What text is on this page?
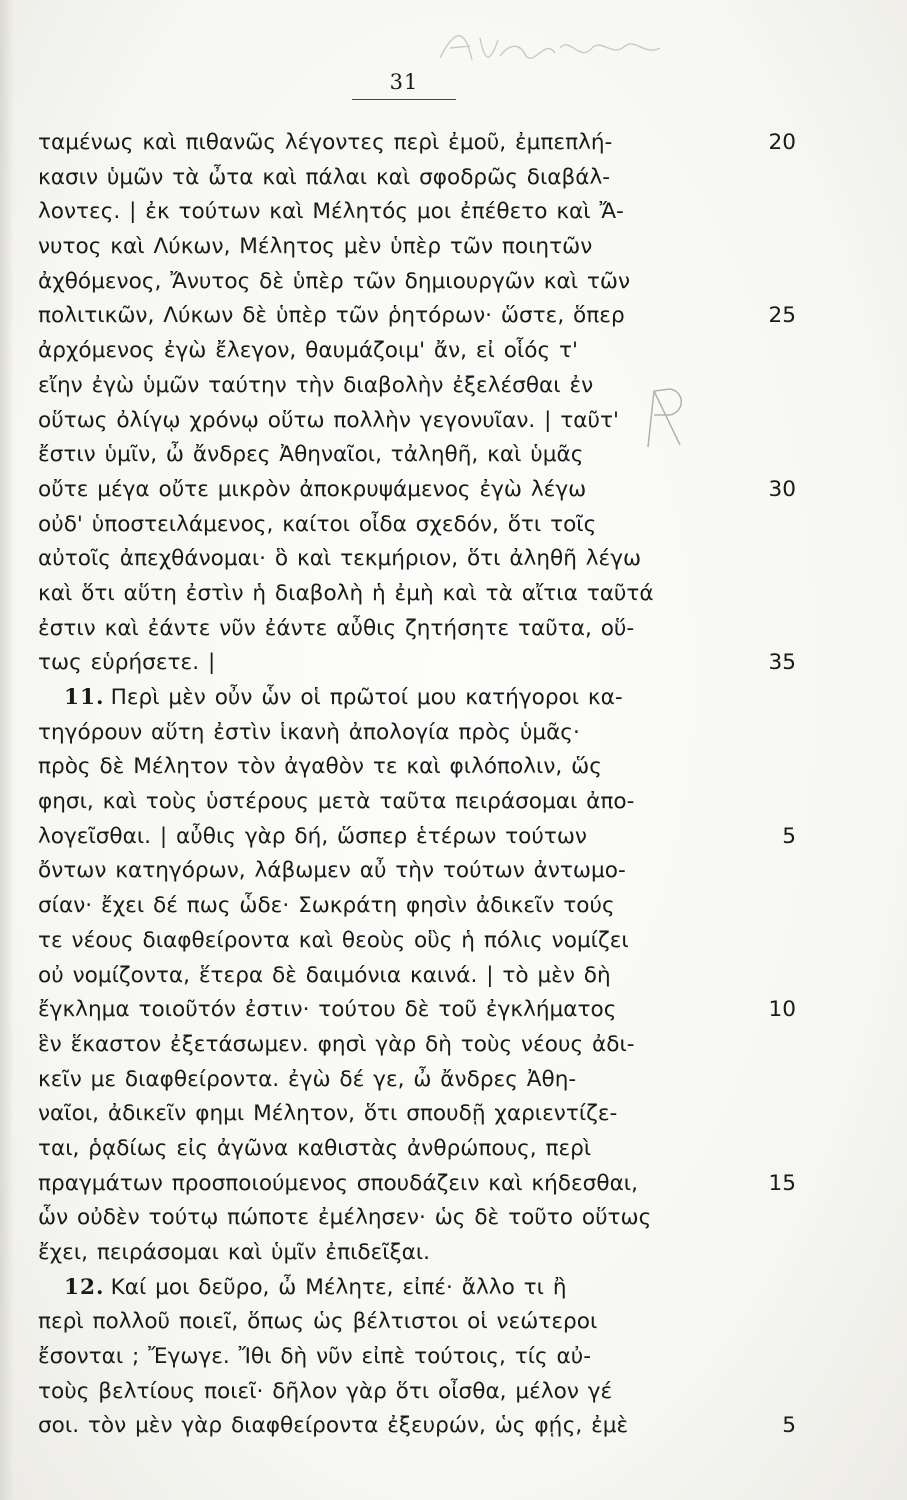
31
ταμένως καὶ πιθανῶς λέγοντες περὶ ἐμοῦ, ἐμπεπλή-	20
κασιν ὑμῶν τὰ ὦτα καὶ πάλαι καὶ σφοδρῶς διαβάλ-
λοντες. | ἐκ τούτων καὶ Μέλητός μοι ἐπέθετο καὶ Ἄ-
νυτος καὶ Λύκων, Μέλητος μὲν ὑπὲρ τῶν ποιητῶν
ἀχθόμενος, Ἄνυτος δὲ ὑπὲρ τῶν δημιουργῶν καὶ τῶν
πολιτικῶν, Λύκων δὲ ὑπὲρ τῶν ῥητόρων· ὥστε, ὅπερ	25
ἀρχόμενος ἐγὼ ἔλεγον, θαυμάζοιμ' ἄν, εἰ οἷός τ'
εἴην ἐγὼ ὑμῶν ταύτην τὴν διαβολὴν ἐξελέσθαι ἐν
οὕτως ὀλίγῳ χρόνῳ οὕτω πολλὴν γεγονυῖαν. | ταῦτ'
ἔστιν ὑμῖν, ὦ ἄνδρες Ἀθηναῖοι, τἀληθῆ, καὶ ὑμᾶς
οὔτε μέγα οὔτε μικρὸν ἀποκρυψάμενος ἐγὼ λέγω	30
οὐδ' ὑποστειλάμενος, καίτοι οἶδα σχεδόν, ὅτι τοῖς
αὐτοῖς ἀπεχθάνομαι· ὃ καὶ τεκμήριον, ὅτι ἀληθῆ λέγω
καὶ ὅτι αὕτη ἐστὶν ἡ διαβολὴ ἡ ἐμὴ καὶ τὰ αἴτια ταῦτά
ἐστιν καὶ ἐάντε νῦν ἐάντε αὖθις ζητήσητε ταῦτα, οὕ-
τως εὑρήσετε. |	35
11. Περὶ μὲν οὖν ὧν οἱ πρῶτοί μου κατήγοροι κα-
τηγόρουν αὕτη ἐστὶν ἱκανὴ ἀπολογία πρὸς ὑμᾶς·
πρὸς δὲ Μέλητον τὸν ἀγαθὸν τε καὶ φιλόπολιν, ὥς
φησι, καὶ τοὺς ὑστέρους μετὰ ταῦτα πειράσομαι ἀπο-
λογεῖσθαι. | αὖθις γὰρ δή, ὥσπερ ἑτέρων τούτων	5
ὄντων κατηγόρων, λάβωμεν αὖ τὴν τούτων ἀντωμο-
σίαν· ἔχει δέ πως ὧδε· Σωκράτη φησὶν ἀδικεῖν τούς
τε νέους διαφθείροντα καὶ θεοὺς οὓς ἡ πόλις νομίζει
οὐ νομίζοντα, ἕτερα δὲ δαιμόνια καινά. | τὸ μὲν δὴ
ἔγκλημα τοιοῦτόν ἐστιν· τούτου δὲ τοῦ ἐγκλήματος	10
ἓν ἕκαστον ἐξετάσωμεν. φησὶ γὰρ δὴ τοὺς νέους ἀδι-
κεῖν με διαφθείροντα. ἐγὼ δέ γε, ὦ ἄνδρες Ἀθη-
ναῖοι, ἀδικεῖν φημι Μέλητον, ὅτι σπουδῇ χαριεντίζε-
ται, ῥᾳδίως εἰς ἀγῶνα καθιστὰς ἀνθρώπους, περὶ
πραγμάτων προσποιούμενος σπουδάζειν καὶ κήδεσθαι,	15
ὧν οὐδὲν τούτῳ πώποτε ἐμέλησεν· ὡς δὲ τοῦτο οὕτως
ἔχει, πειράσομαι καὶ ὑμῖν ἐπιδεῖξαι.
12. Καί μοι δεῦρο, ὦ Μέλητε, εἰπέ· ἄλλο τι ἢ
περὶ πολλοῦ ποιεῖ, ὅπως ὡς βέλτιστοι οἱ νεώτεροι
ἔσονται ; Ἔγωγε. Ἴθι δὴ νῦν εἰπὲ τούτοις, τίς αὐ-
τοὺς βελτίους ποιεῖ· δῆλον γὰρ ὅτι οἶσθα, μέλον γέ
σοι. τὸν μὲν γὰρ διαφθείροντα ἐξευρών, ὡς φῄς, ἐμὲ	5
